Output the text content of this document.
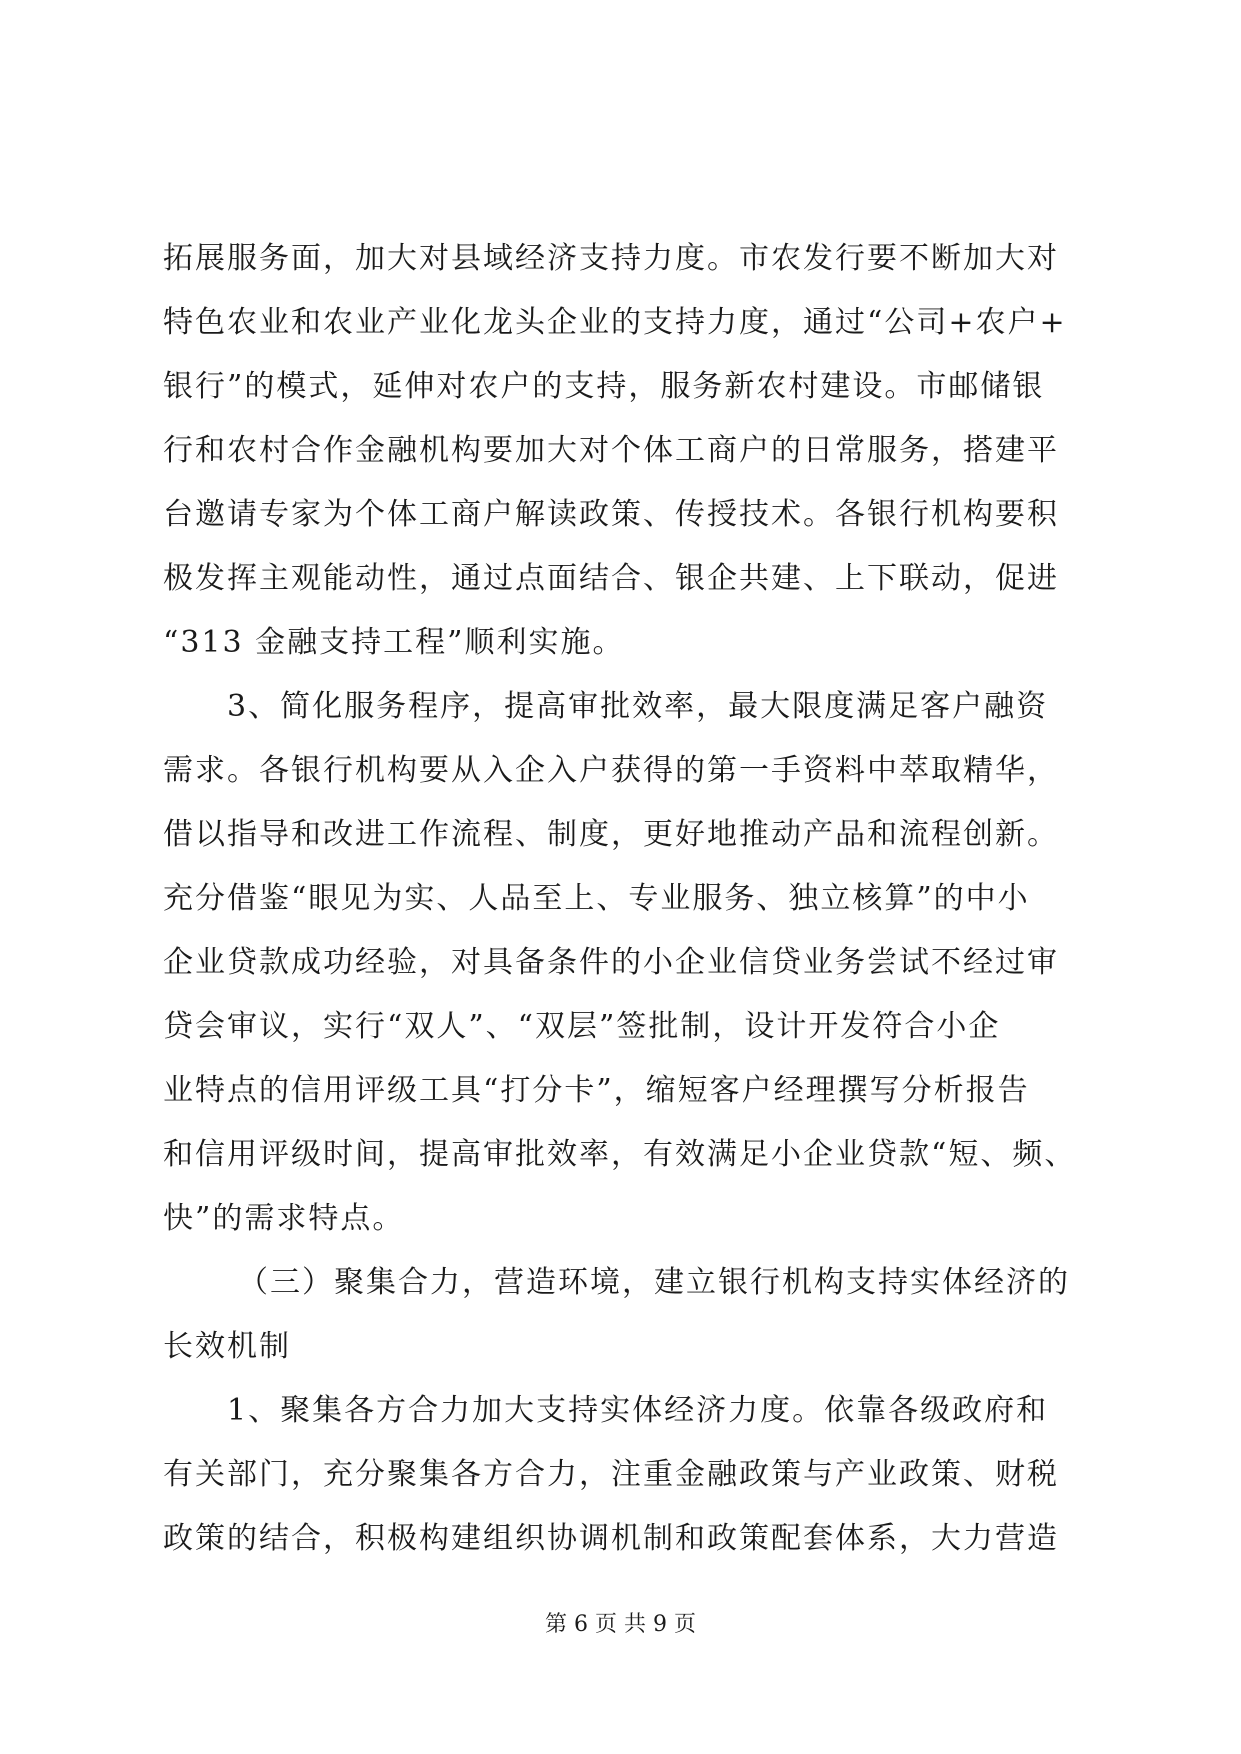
拓展服务面，加大对县域经济支持力度。市农发行要不断加大对
特色农业和农业产业化龙头企业的支持力度，通过“公司+农户+
银行”的模式，延伸对农户的支持，服务新农村建设。市邮储银
行和农村合作金融机构要加大对个体工商户的日常服务，搭建平
台邀请专家为个体工商户解读政策、传授技术。各银行机构要积
极发挥主观能动性，通过点面结合、银企共建、上下联动，促进
“313 金融支持工程”顺利实施。
3、简化服务程序，提高审批效率，最大限度满足客户融资
需求。各银行机构要从入企入户获得的第一手资料中萃取精华，
借以指导和改进工作流程、制度，更好地推动产品和流程创新。
充分借鉴“眼见为实、人品至上、专业服务、独立核算”的中小
企业贷款成功经验，对具备条件的小企业信贷业务尝试不经过审
贷会审议，实行“双人”、“双层”签批制，设计开发符合小企
业特点的信用评级工具“打分卡”，缩短客户经理撰写分析报告
和信用评级时间，提高审批效率，有效满足小企业贷款“短、频、
快”的需求特点。
（三）聚集合力，营造环境，建立银行机构支持实体经济的
长效机制
1、聚集各方合力加大支持实体经济力度。依靠各级政府和
有关部门，充分聚集各方合力，注重金融政策与产业政策、财税
政策的结合，积极构建组织协调机制和政策配套体系，大力营造
第 6 页 共 9 页
